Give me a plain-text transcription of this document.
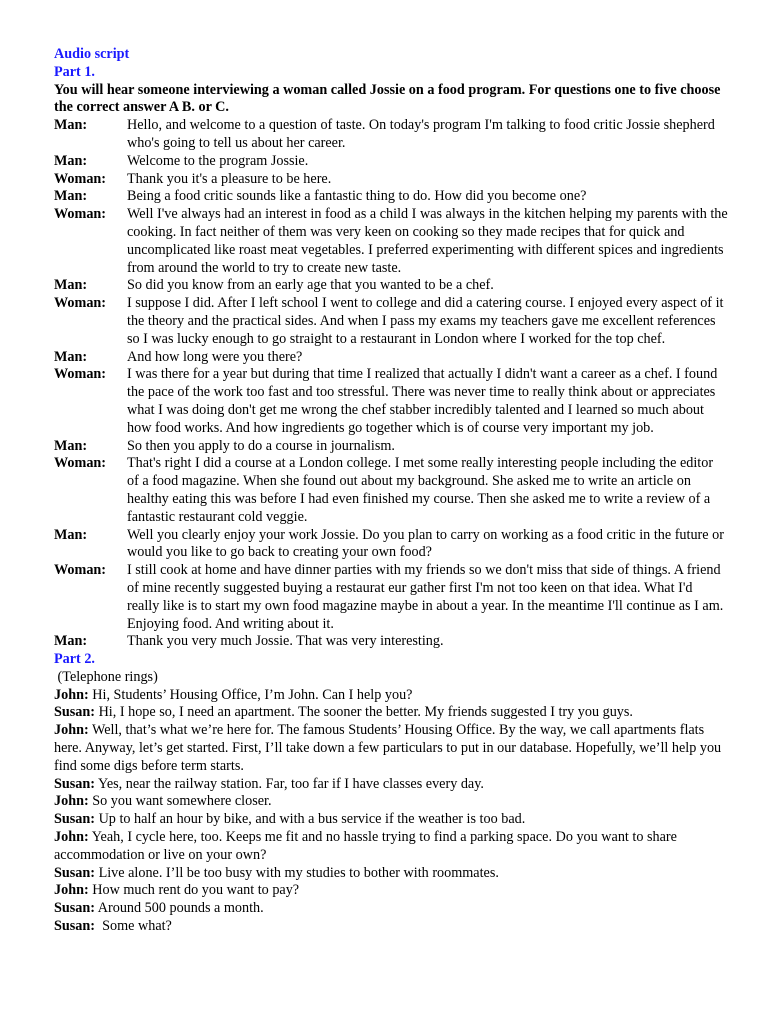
Audio script
Part 1.
You will hear someone interviewing a woman called Jossie on a food program. For questions one to five choose the correct answer A B. or C.
Man:	Hello, and welcome to a question of taste. On today's program I'm talking to food critic Jossie shepherd who's going to tell us about her career.
Man:	Welcome to the program Jossie.
Woman:	Thank you it's a pleasure to be here.
Man:	Being a food critic sounds like a fantastic thing to do. How did you become one?
Woman:	Well I've always had an interest in food as a child I was always in the kitchen helping my parents with the cooking. In fact neither of them was very keen on cooking so they made recipes that for quick and uncomplicated like roast meat vegetables. I preferred experimenting with different spices and ingredients from around the world to try to create new taste.
Man:	So did you know from an early age that you wanted to be a chef.
Woman:	I suppose I did. After I left school I went to college and did a catering course. I enjoyed every aspect of it the theory and the practical sides. And when I pass my exams my teachers gave me excellent references so I was lucky enough to go straight to a restaurant in London where I worked for the top chef.
Man:	And how long were you there?
Woman:	I was there for a year but during that time I realized that actually I didn't want a career as a chef. I found the pace of the work too fast and too stressful. There was never time to really think about or appreciates what I was doing don't get me wrong the chef stabber incredibly talented and I learned so much about how food works. And how ingredients go together which is of course very important my job.
Man:	So then you apply to do a course in journalism.
Woman:	That's right I did a course at a London college. I met some really interesting people including the editor of a food magazine. When she found out about my background. She asked me to write an article on healthy eating this was before I had even finished my course. Then she asked me to write a review of a fantastic restaurant cold veggie.
Man:	Well you clearly enjoy your work Jossie. Do you plan to carry on working as a food critic in the future or would you like to go back to creating your own food?
Woman:	I still cook at home and have dinner parties with my friends so we don't miss that side of things. A friend of mine recently suggested buying a restaurat eur gather first I'm not too keen on that idea. What I'd really like is to start my own food magazine maybe in about a year. In the meantime I'll continue as I am. Enjoying food. And writing about it.
Man:	Thank you very much Jossie. That was very interesting.
Part 2.
(Telephone rings)
John: Hi, Students’ Housing Office, I’m John. Can I help you?
Susan: Hi, I hope so, I need an apartment. The sooner the better. My friends suggested I try you guys.
John: Well, that’s what we’re here for. The famous Students’ Housing Office. By the way, we call apartments flats here. Anyway, let’s get started. First, I’ll take down a few particulars to put in our database. Hopefully, we’ll help you find some digs before term starts.
Susan: Yes, near the railway station. Far, too far if I have classes every day.
John: So you want somewhere closer.
Susan: Up to half an hour by bike, and with a bus service if the weather is too bad.
John: Yeah, I cycle here, too. Keeps me fit and no hassle trying to find a parking space. Do you want to share accommodation or live on your own?
Susan: Live alone. I’ll be too busy with my studies to bother with roommates.
John: How much rent do you want to pay?
Susan: Around 500 pounds a month.
Susan:  Some what?
